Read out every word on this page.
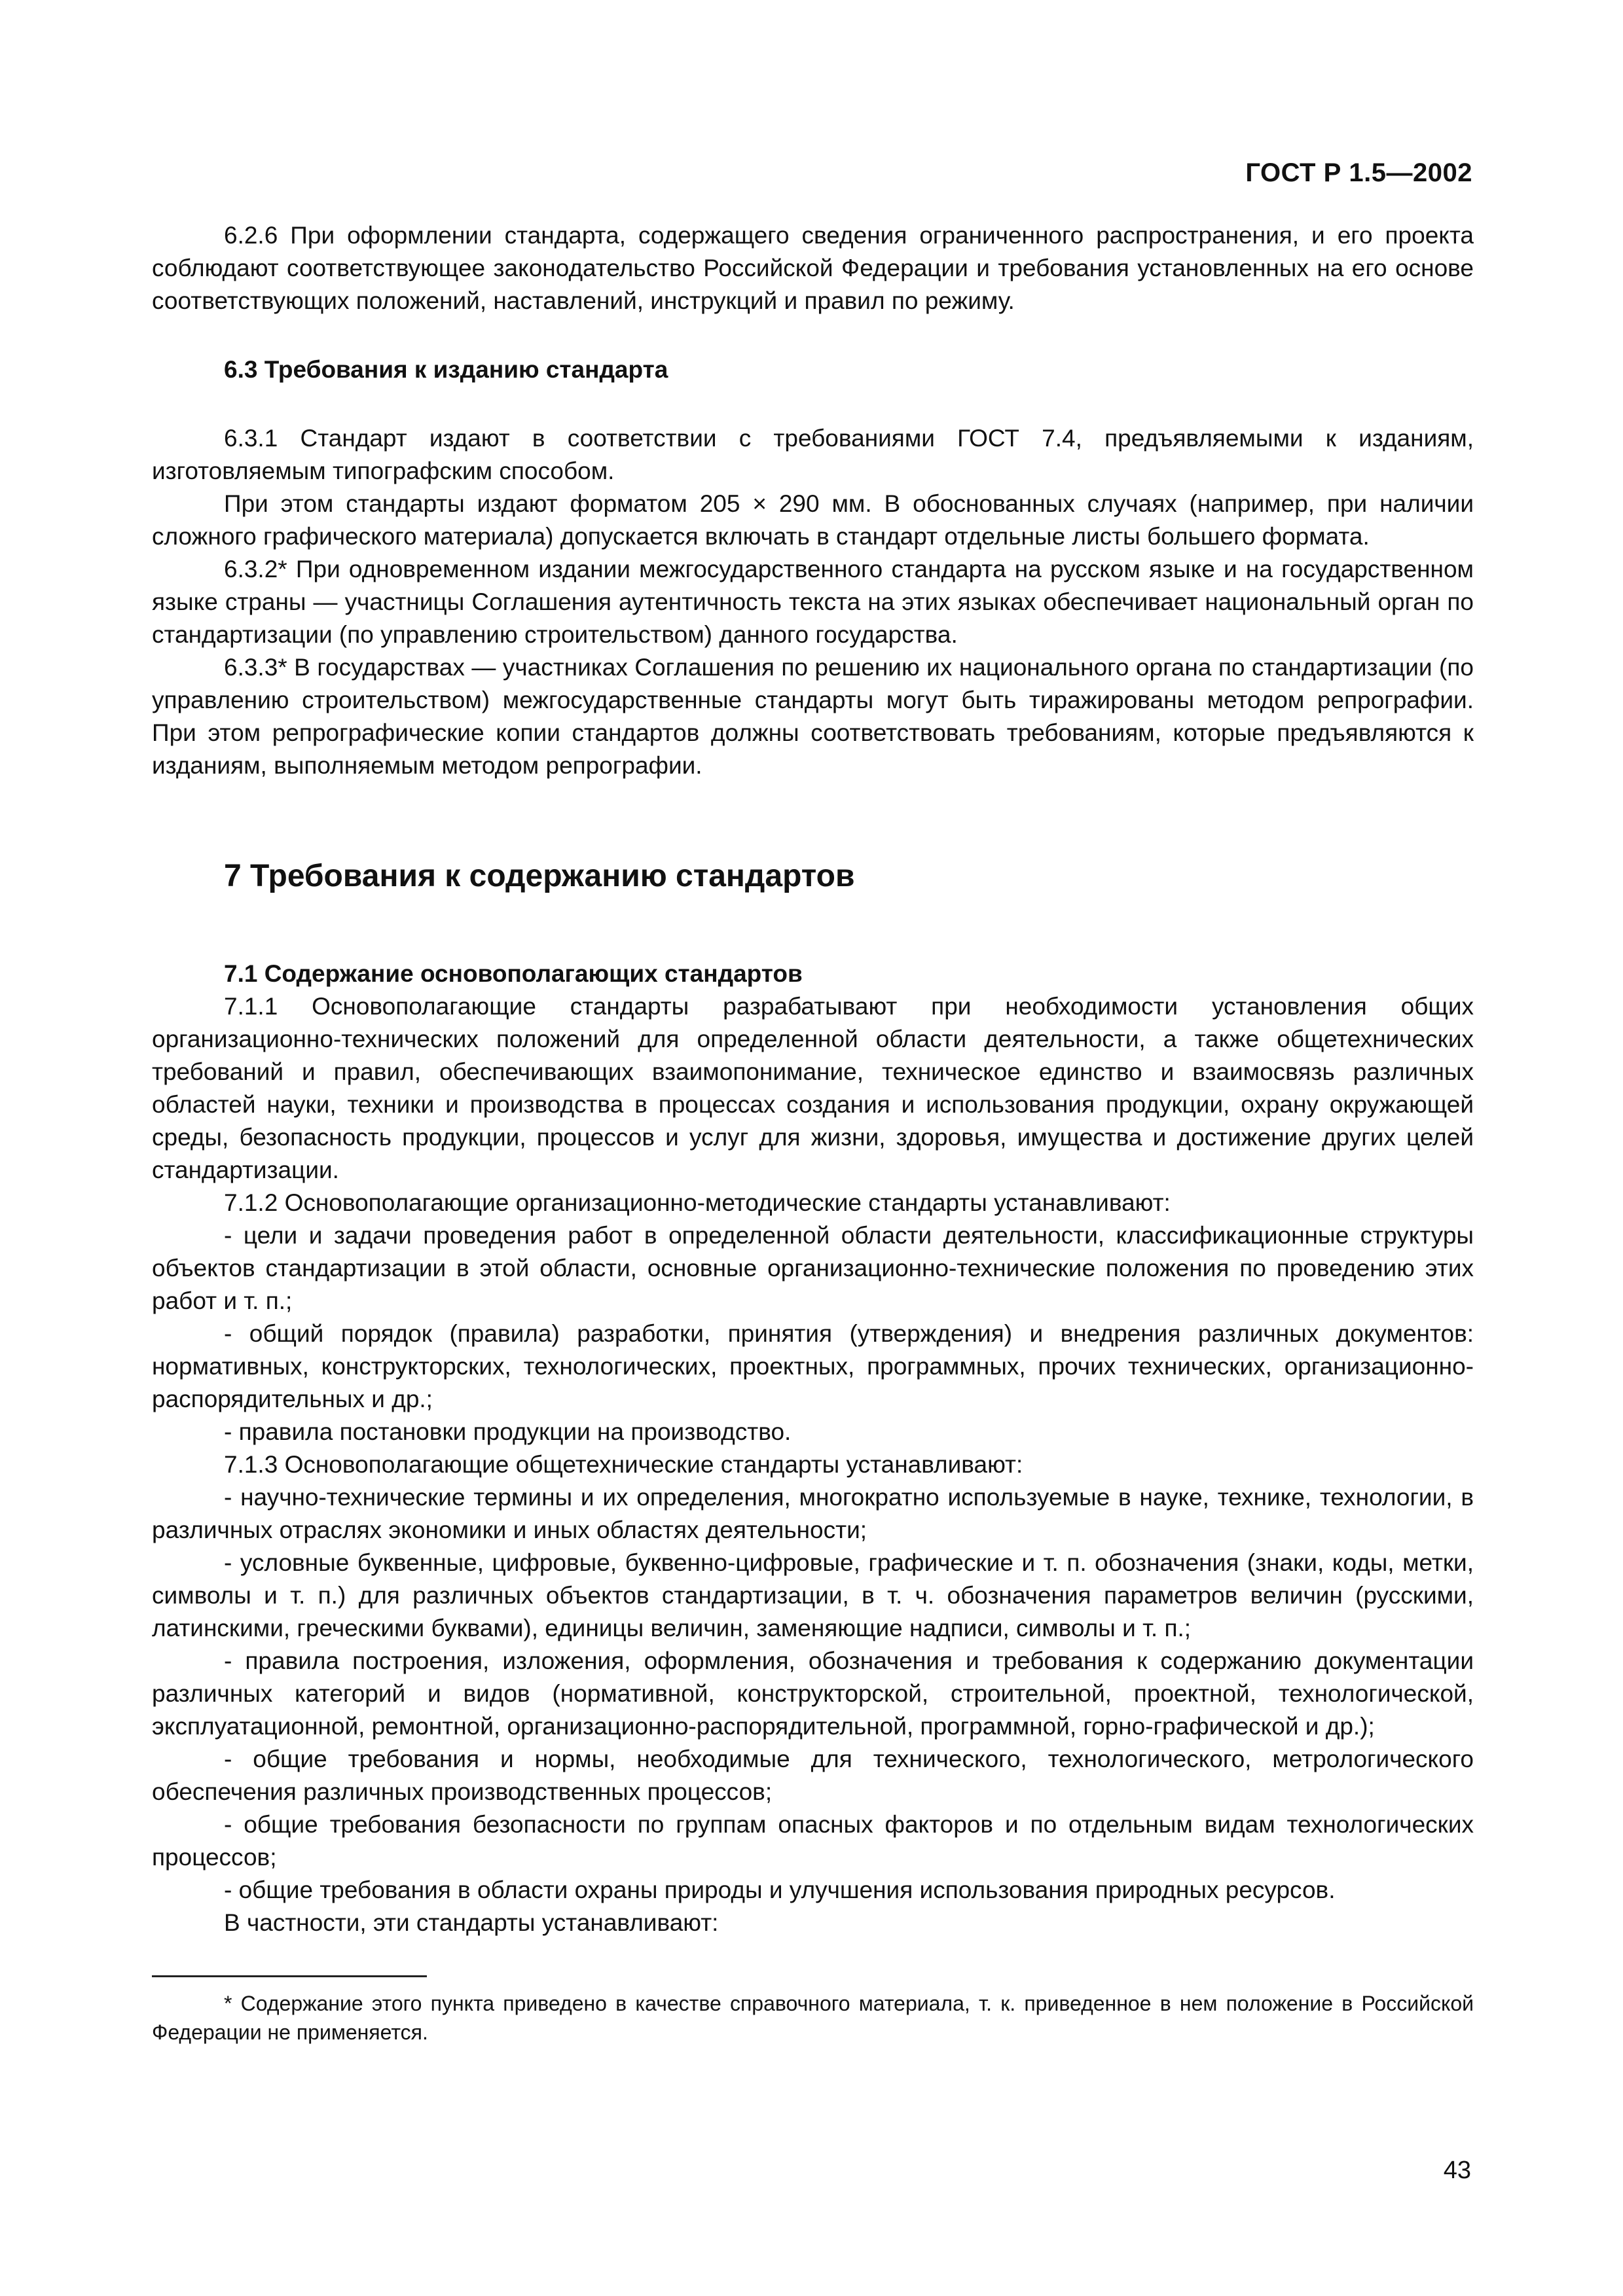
ГОСТ Р 1.5—2002

6.2.6 При оформлении стандарта, содержащего сведения ограниченного распространения, и его проекта соблюдают соответствующее законодательство Российской Федерации и требования установленных на его основе соответствующих положений, наставлений, инструкций и правил по режиму.

6.3 Требования к изданию стандарта

6.3.1 Стандарт издают в соответствии с требованиями ГОСТ 7.4, предъявляемыми к изданиям, изготовляемым типографским способом.

При этом стандарты издают форматом 205 × 290 мм. В обоснованных случаях (например, при наличии сложного графического материала) допускается включать в стандарт отдельные листы большего формата.

6.3.2* При одновременном издании межгосударственного стандарта на русском языке и на государственном языке страны — участницы Соглашения аутентичность текста на этих языках обеспечивает национальный орган по стандартизации (по управлению строительством) данного государства.

6.3.3* В государствах — участниках Соглашения по решению их национального органа по стандартизации (по управлению строительством) межгосударственные стандарты могут быть тиражированы методом репрографии. При этом репрографические копии стандартов должны соответствовать требованиям, которые предъявляются к изданиям, выполняемым методом репрографии.

7 Требования к содержанию стандартов

7.1 Содержание основополагающих стандартов

7.1.1 Основополагающие стандарты разрабатывают при необходимости установления общих организационно-технических положений для определенной области деятельности, а также общетехнических требований и правил, обеспечивающих взаимопонимание, техническое единство и взаимосвязь различных областей науки, техники и производства в процессах создания и использования продукции, охрану окружающей среды, безопасность продукции, процессов и услуг для жизни, здоровья, имущества и достижение других целей стандартизации.

7.1.2 Основополагающие организационно-методические стандарты устанавливают:

- цели и задачи проведения работ в определенной области деятельности, классификационные структуры объектов стандартизации в этой области, основные организационно-технические положения по проведению этих работ и т. п.;

- общий порядок (правила) разработки, принятия (утверждения) и внедрения различных документов: нормативных, конструкторских, технологических, проектных, программных, прочих технических, организационно-распорядительных и др.;

- правила постановки продукции на производство.

7.1.3 Основополагающие общетехнические стандарты устанавливают:

- научно-технические термины и их определения, многократно используемые в науке, технике, технологии, в различных отраслях экономики и иных областях деятельности;

- условные буквенные, цифровые, буквенно-цифровые, графические и т. п. обозначения (знаки, коды, метки, символы и т. п.) для различных объектов стандартизации, в т. ч. обозначения параметров величин (русскими, латинскими, греческими буквами), единицы величин, заменяющие надписи, символы и т. п.;

- правила построения, изложения, оформления, обозначения и требования к содержанию документации различных категорий и видов (нормативной, конструкторской, строительной, проектной, технологической, эксплуатационной, ремонтной, организационно-распорядительной, программной, горно-графической и др.);

- общие требования и нормы, необходимые для технического, технологического, метрологического обеспечения различных производственных процессов;

- общие требования безопасности по группам опасных факторов и по отдельным видам технологических процессов;

- общие требования в области охраны природы и улучшения использования природных ресурсов.

В частности, эти стандарты устанавливают:

* Содержание этого пункта приведено в качестве справочного материала, т. к. приведенное в нем положение в Российской Федерации не применяется.

43
